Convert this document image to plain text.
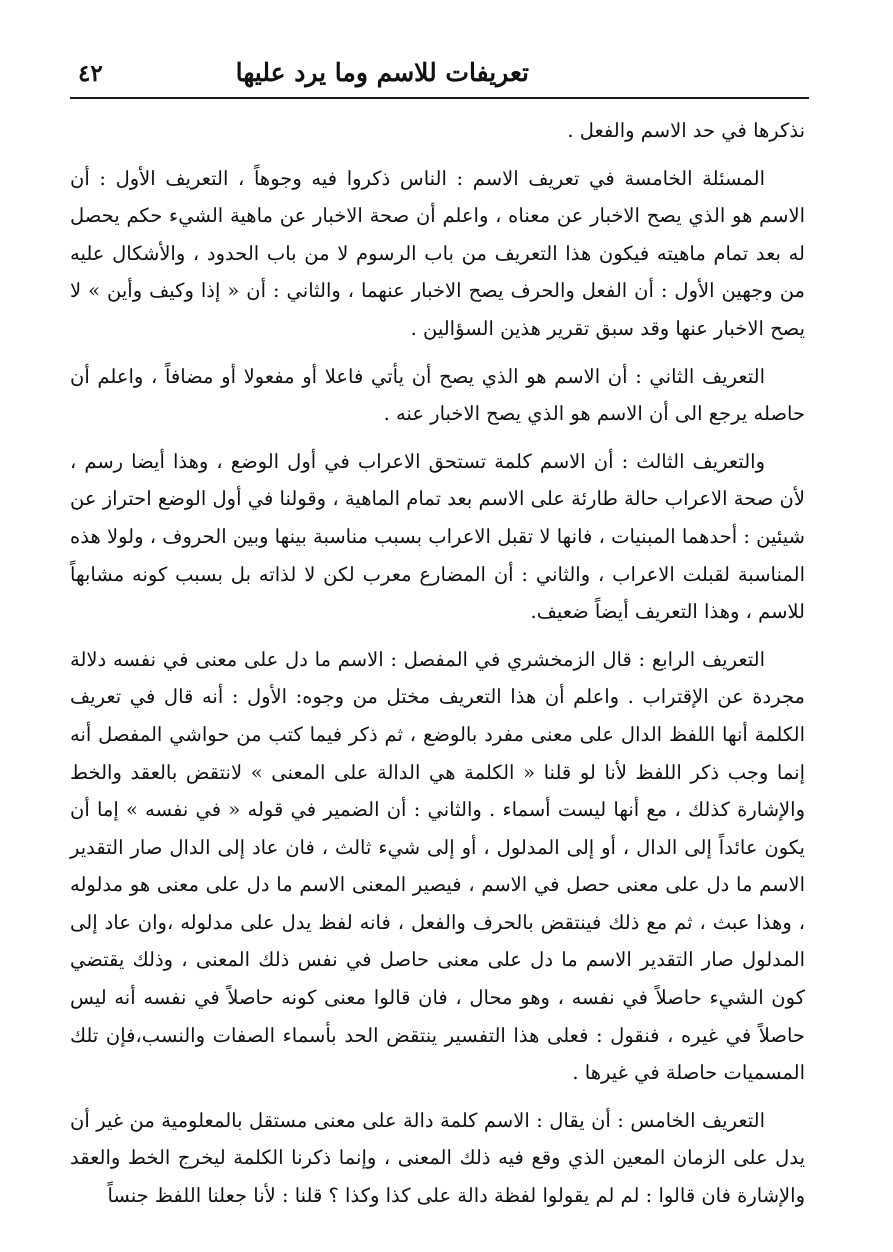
تعريفات للاسم وما يرد عليها
٤٢

نذكرها في حد الاسم والفعل .

المسئلة الخامسة في تعريف الاسم : الناس ذكروا فيه وجوهاً ، التعريف الأول : أن الاسم هو الذي يصح الاخبار عن معناه ، واعلم أن صحة الاخبار عن ماهية الشيء حكم يحصل له بعد تمام ماهيته فيكون هذا التعريف من باب الرسوم لا من باب الحدود ، والأشكال عليه من وجهين الأول : أن الفعل والحرف يصح الاخبار عنهما ، والثاني : أن « إذا وكيف وأين » لا يصح الاخبار عنها وقد سبق تقرير هذين السؤالين .

التعريف الثاني : أن الاسم هو الذي يصح أن يأتي فاعلا أو مفعولا أو مضافاً ، واعلم أن حاصله يرجع الى أن الاسم هو الذي يصح الاخبار عنه .

والتعريف الثالث : أن الاسم كلمة تستحق الاعراب في أول الوضع ، وهذا أيضا رسم ، لأن صحة الاعراب حالة طارئة على الاسم بعد تمام الماهية ، وقولنا في أول الوضع احتراز عن شيئين : أحدهما المبنيات ، فانها لا تقبل الاعراب بسبب مناسبة بينها وبين الحروف ، ولولا هذه المناسبة لقبلت الاعراب ، والثاني : أن المضارع معرب لكن لا لذاته بل بسبب كونه مشابهاً للاسم ، وهذا التعريف أيضاً ضعيف.

التعريف الرابع : قال الزمخشري في المفصل : الاسم ما دل على معنى في نفسه دلالة مجردة عن الإقتراب . واعلم أن هذا التعريف مختل من وجوه: الأول : أنه قال في تعريف الكلمة أنها اللفظ الدال على معنى مفرد بالوضع ، ثم ذكر فيما كتب من حواشي المفصل أنه إنما وجب ذكر اللفظ لأنا لو قلنا « الكلمة هي الدالة على المعنى » لانتقض بالعقد والخط والإشارة كذلك ، مع أنها ليست أسماء . والثاني : أن الضمير في قوله « في نفسه » إما أن يكون عائداً إلى الدال ، أو إلى المدلول ، أو إلى شيء ثالث ، فان عاد إلى الدال صار التقدير الاسم ما دل على معنى حصل في الاسم ، فيصير المعنى الاسم ما دل على معنى هو مدلوله ، وهذا عبث ، ثم مع ذلك فينتقض بالحرف والفعل ، فانه لفظ يدل على مدلوله ،وان عاد إلى المدلول صار التقدير الاسم ما دل على معنى حاصل في نفس ذلك المعنى ، وذلك يقتضي كون الشيء حاصلاً في نفسه ، وهو محال ، فان قالوا معنى كونه حاصلاً في نفسه أنه ليس حاصلاً في غيره ، فنقول : فعلى هذا التفسير ينتقض الحد بأسماء الصفات والنسب،فإن تلك المسميات حاصلة في غيرها .

التعريف الخامس : أن يقال : الاسم كلمة دالة على معنى مستقل بالمعلومية من غير أن يدل على الزمان المعين الذي وقع فيه ذلك المعنى ، وإنما ذكرنا الكلمة ليخرج الخط والعقد والإشارة فان قالوا : لم لم يقولوا لفظة دالة على كذا وكذا ؟ قلنا : لأنا جعلنا اللفظ جنساً
